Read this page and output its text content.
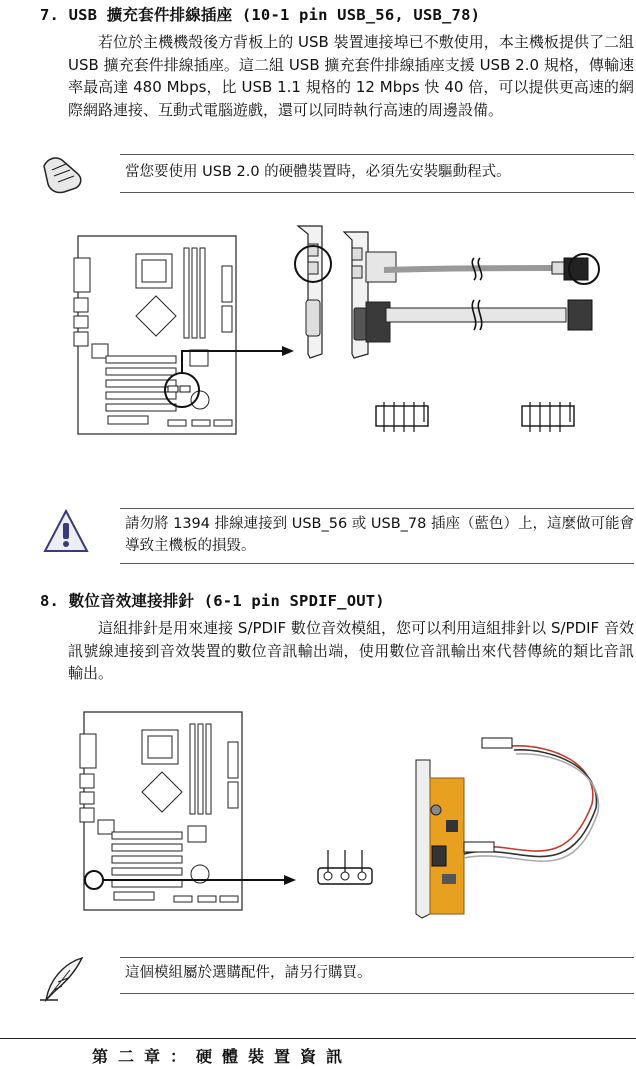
7. USB 擴充套件排線插座 (10-1 pin USB_56, USB_78)
若位於主機機殼後方背板上的 USB 裝置連接埠已不敷使用，本主機板提供了二組 USB 擴充套件排線插座。這二組 USB 擴充套件排線插座支援 USB 2.0 規格，傳輸速率最高達 480 Mbps，比 USB 1.1 規格的 12 Mbps 快 40 倍，可以提供更高速的網際網路連接、互動式電腦遊戲，還可以同時執行高速的周邊設備。
當您要使用 USB 2.0 的硬體裝置時，必須先安裝驅動程式。
請勿將 1394 排線連接到 USB_56 或 USB_78 插座（藍色）上，這麼做可能會導致主機板的損毀。
8. 數位音效連接排針 (6-1 pin SPDIF_OUT)
這組排針是用來連接 S/PDIF 數位音效模組，您可以利用這組排針以 S/PDIF 音效訊號線連接到音效裝置的數位音訊輸出端，使用數位音訊輸出來代替傳統的類比音訊輸出。
這個模組屬於選購配件，請另行購買。
第二章：硬體裝置資訊
